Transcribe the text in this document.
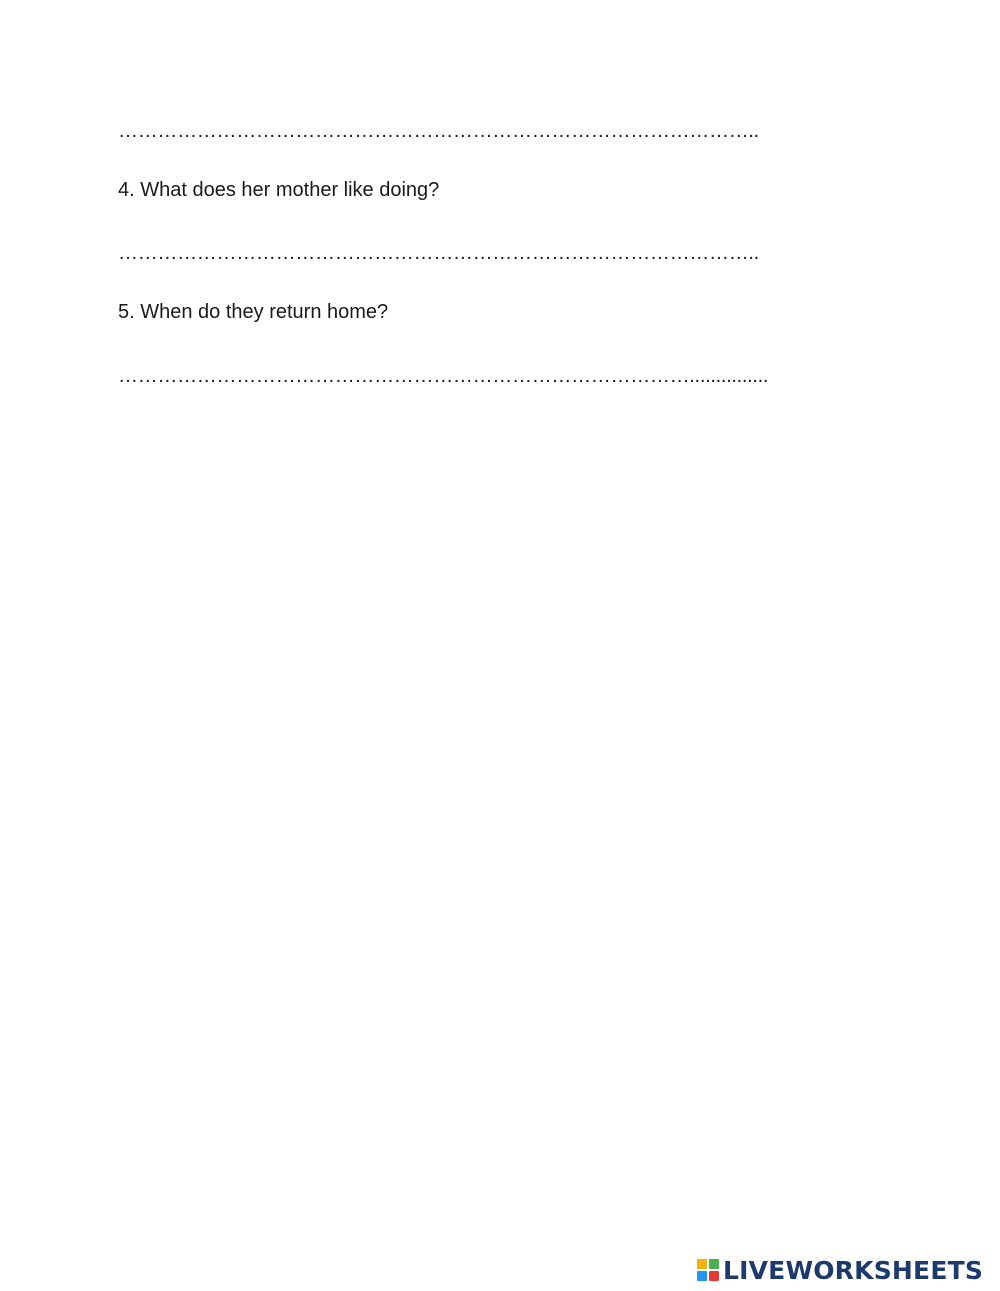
……………………………………………………………………………………..
4. What does her mother like doing?
……………………………………………………………………………………..
5. When do they return home?
……………………………………………………………………………...............
LIVEWORKSHEETS
